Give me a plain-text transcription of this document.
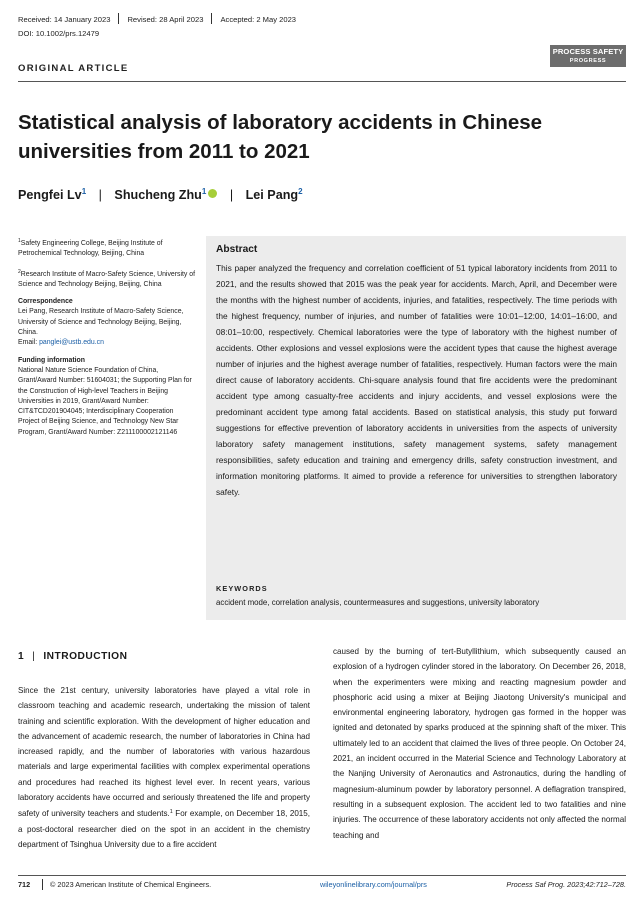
Received: 14 January 2023 Revised: 28 April 2023 Accepted: 2 May 2023
DOI: 10.1002/prs.12479
PROCESS SAFETY
PROGRESS
ORIGINAL ARTICLE
Statistical analysis of laboratory accidents in Chinese universities from 2011 to 2021
Pengfei Lv$^1$ | Shucheng Zhu$^1$ | Lei Pang$^2$

$^1$Safety Engineering College, Beijing Institute of Petrochemical Technology, Beijing, China

$^2$Research Institute of Macro-Safety Science, University of Science and Technology Beijing, Beijing, China

Correspondence

Lei Pang, Research Institute of Macro-Safety Science, University of Science and Technology Beijing, Beijing, China.
Email: panglei@ustb.edu.cn

Funding information

National Nature Science Foundation of China, Grant/Award Number: 51604031; the Supporting Plan for the Construction of High-level Teachers in Beijing Universities in 2019, Grant/Award Number: CIT&TCD201904045; Interdisciplinary Cooperation Project of Beijing Science, and Technology New Star Program, Grant/Award Number: Z211100002121146

Abstract
This paper analyzed the frequency and correlation coefficient of 51 typical laboratory incidents from 2011 to 2021, and the results showed that 2015 was the peak year for accidents. March, April, and December were the months with the highest number of accidents, injuries, and fatalities, respectively. The time periods with the highest frequency, number of injuries, and number of fatalities were 10:01–12:00, 14:01–16:00, and 08:01–10:00, respectively. Chemical laboratories were the type of laboratory with the highest number of accidents. Other explosions and vessel explosions were the accident types that cause the highest average number of injuries and the highest average number of fatalities, respectively. Human factors were the main direct cause of laboratory accidents. Chi-square analysis found that fire accidents were the predominant accident type among casualty-free accidents and injury accidents, and vessel explosions were the predominant accident type among fatal accidents. Based on statistical analysis, this study put forward suggestions for effective prevention of laboratory accidents in universities from the aspects of university laboratory safety management institutions, safety management systems, safety management responsibilities, safety education and training and emergency drills, safety construction investment, and information monitoring platforms. It aimed to provide a reference for universities to strengthen laboratory safety.
KEYWORDS
accident mode, correlation analysis, countermeasures and suggestions, university laboratory
1 | INTRODUCTION
Since the 21st century, university laboratories have played a vital role in classroom teaching and academic research, undertaking the mission of talent training and scientific exploration. With the development of higher education and the advancement of academic research, the number of laboratories in China had increased rapidly, and the number of laboratories with various hazardous materials and large experimental facilities with complex experimental operations and procedures had reached its highest level ever. In recent years, various laboratory accidents have occurred and seriously threatened the life and property safety of university teachers and students.$^1$ For example, on December 18, 2015, a post-doctoral researcher died on the spot in an accident in the chemistry department of Tsinghua University due to a fire accident
caused by the burning of tert-Butyllithium, which subsequently caused an explosion of a hydrogen cylinder stored in the laboratory. On December 26, 2018, when the experimenters were mixing and reacting magnesium powder and phosphoric acid using a mixer at Beijing Jiaotong University's municipal and environmental engineering laboratory, hydrogen gas formed in the hopper was ignited and detonated by sparks produced at the spinning shaft of the mixer. This ultimately led to an accident that claimed the lives of three people. On October 24, 2021, an incident occurred in the Material Science and Technology Laboratory at the Nanjing University of Aeronautics and Astronautics, during the handling of magnesium-aluminum powder by laboratory personnel. A deflagration transpired, resulting in a subsequent explosion. The accident led to two fatalities and nine injuries. The occurrence of these laboratory accidents not only affected the normal teaching and
712	© 2023 American Institute of Chemical Engineers.	wileyonlinelibrary.com/journal/prs	Process Saf Prog. 2023;42:712–728.
